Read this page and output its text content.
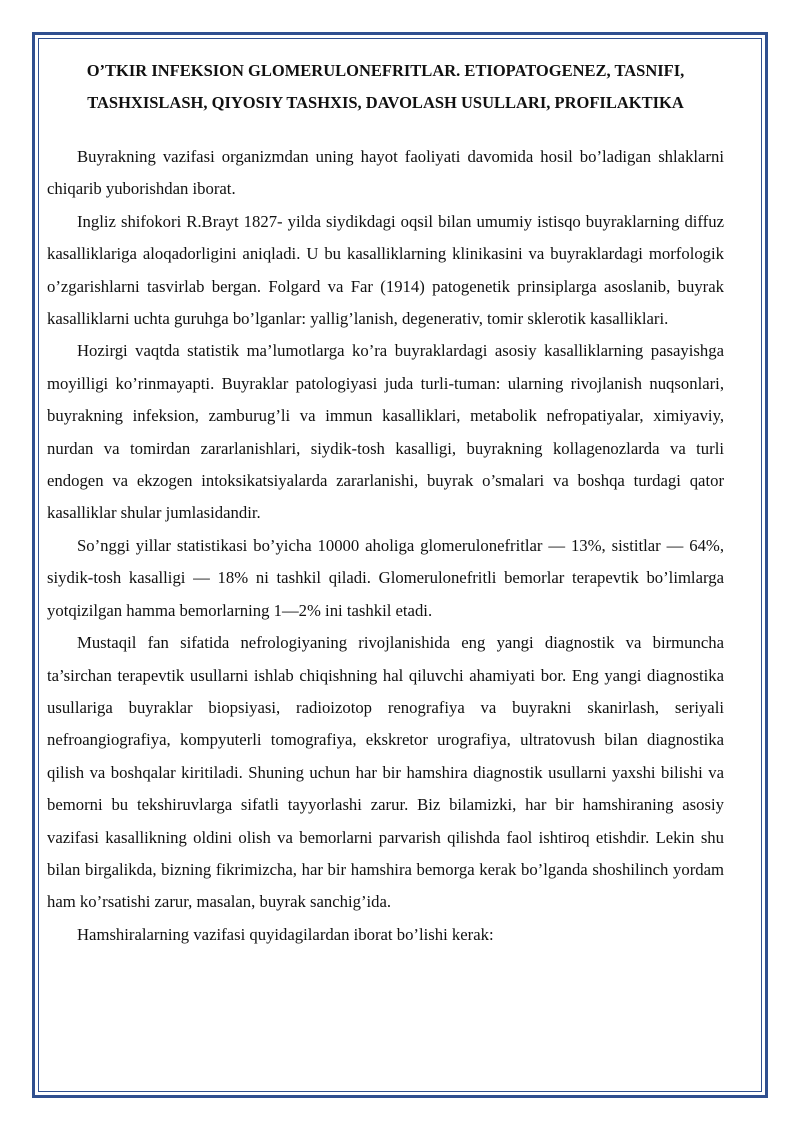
O’TKIR INFEKSION GLOMERULONEFRITLAR. ETIOPATOGENEZ, TASNIFI, TASHXISLASH, QIYOSIY TASHXIS, DAVOLASH USULLARI, PROFILAKTIKA

Buyrakning vazifasi organizmdan uning hayot faoliyati davomida hosil bo’ladigan shlaklarni chiqarib yuborishdan iborat.

Ingliz shifokori R.Brayt 1827- yilda siydikdagi oqsil bilan umumiy istisqo buyraklarning diffuz kasalliklariga aloqadorligini aniqladi. U bu kasalliklarning klinikasini va buyraklardagi morfologik o’zgarishlarni tasvirlab bergan. Folgard va Far (1914) patogenetik prinsiplarga asoslanib, buyrak kasalliklarni uchta guruhga bo’lganlar: yallig’lanish, degenerativ, tomir sklerotik kasalliklari.

Hozirgi vaqtda statistik ma’lumotlarga ko’ra buyraklardagi asosiy kasalliklarning pasayishga moyilligi ko’rinmayapti. Buyraklar patologiyasi juda turli-tuman: ularning rivojlanish nuqsonlari, buyrakning infeksion, zamburug’li va immun kasalliklari, metabolik nefropatiyalar, ximiyaviy, nurdan va tomirdan zararlanishlari, siydik-tosh kasalligi, buyrakning kollagenozlarda va turli endogen va ekzogen intoksikatsiyalarda zararlanishi, buyrak o’smalari va boshqa turdagi qator kasalliklar shular jumlasidandir.

So’nggi yillar statistikasi bo’yicha 10000 aholiga glomerulonefritlar — 13%, sistitlar — 64%, siydik-tosh kasalligi — 18% ni tashkil qiladi. Glomerulonefritli bemorlar terapevtik bo’limlarga yotqizilgan hamma bemorlarning 1—2% ini tashkil etadi.

Mustaqil fan sifatida nefrologiyaning rivojlanishida eng yangi diagnostik va birmuncha ta’sirchan terapevtik usullarni ishlab chiqishning hal qiluvchi ahamiyati bor. Eng yangi diagnostika usullariga buyraklar biopsiyasi, radioizotop renografiya va buyrakni skanirlash, seriyali nefroangiografiya, kompyuterli tomografiya, ekskretor urografiya, ultratovush bilan diagnostika qilish va boshqalar kiritiladi. Shuning uchun har bir hamshira diagnostik usullarni yaxshi bilishi va bemorni bu tekshiruvlarga sifatli tayyorlashi zarur. Biz bilamizki, har bir hamshiraning asosiy vazifasi kasallikning oldini olish va bemorlarni parvarish qilishda faol ishtiroq etishdir. Lekin shu bilan birgalikda, bizning fikrimizcha, har bir hamshira bemorga kerak bo’lganda shoshilinch yordam ham ko’rsatishi zarur, masalan, buyrak sanchig’ida.

Hamshiralarning vazifasi quyidagilardan iborat bo’lishi kerak:
